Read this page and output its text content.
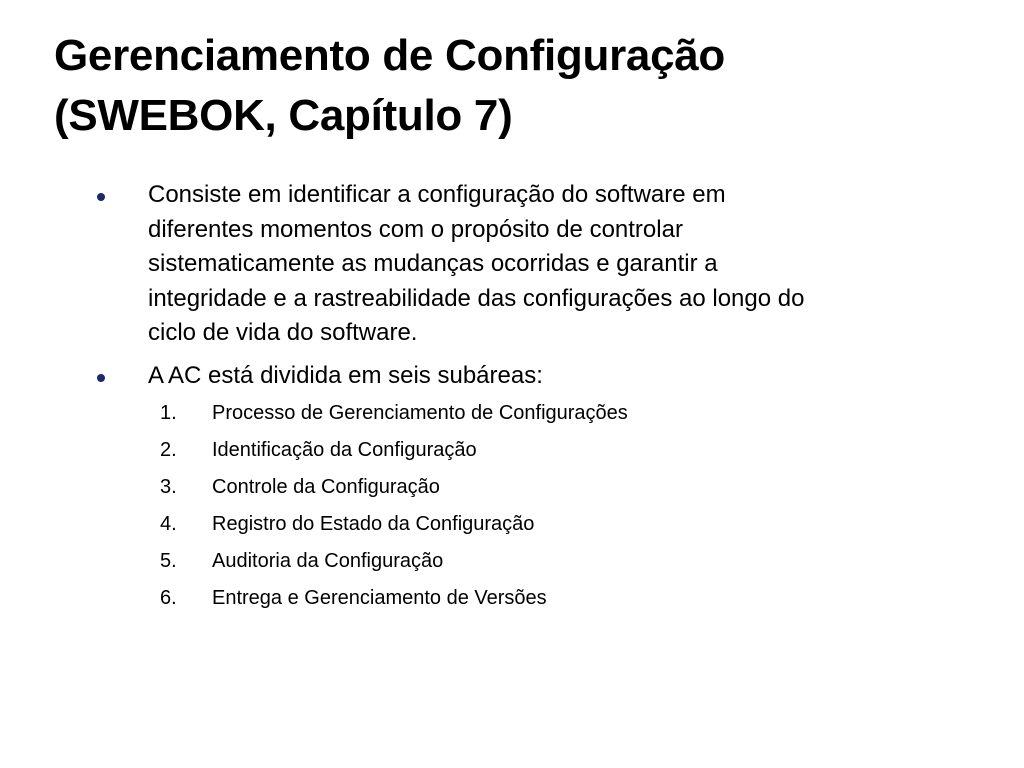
Gerenciamento de Configuração
(SWEBOK, Capítulo 7)
Consiste em identificar a configuração do software em
diferentes momentos com o propósito de controlar
sistematicamente as mudanças ocorridas e garantir a
integridade e a rastreabilidade das configurações ao longo do
ciclo de vida do software.
A AC está dividida em seis subáreas:
1. Processo de Gerenciamento de Configurações
2. Identificação da Configuração
3. Controle da Configuração
4. Registro do Estado da Configuração
5. Auditoria da Configuração
6. Entrega e Gerenciamento de Versões
